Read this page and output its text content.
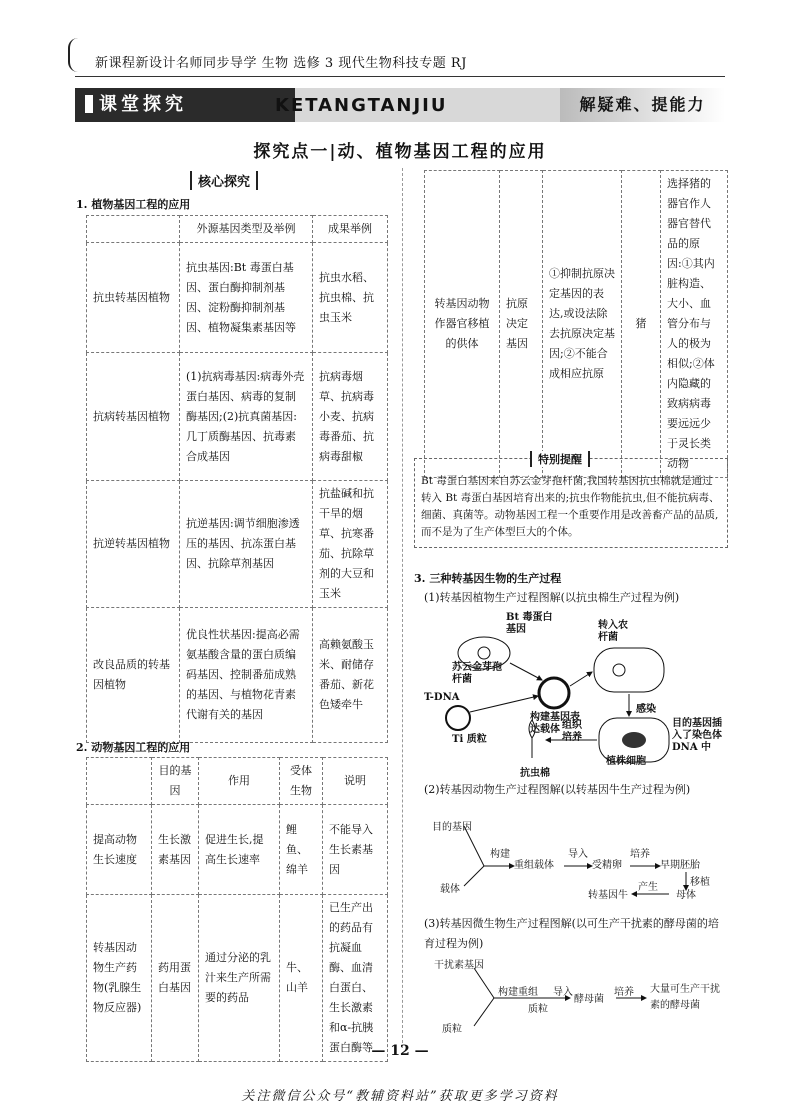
新课程新设计名师同步导学 生物 选修 3 现代生物科技专题 RJ
课堂探究	KETANGTANJIU	解疑难、提能力
探究点一|动、植物基因工程的应用
核心探究
1. 植物基因工程的应用
	外源基因类型及举例	成果举例
抗虫转基因植物	抗虫基因:Bt 毒蛋白基因、蛋白酶抑制剂基因、淀粉酶抑制剂基因、植物凝集素基因等	抗虫水稻、抗虫棉、抗虫玉米
抗病转基因植物	(1)抗病毒基因:病毒外壳蛋白基因、病毒的复制酶基因;(2)抗真菌基因:几丁质酶基因、抗毒素合成基因	抗病毒烟草、抗病毒小麦、抗病毒番茄、抗病毒甜椒
抗逆转基因植物	抗逆基因:调节细胞渗透压的基因、抗冻蛋白基因、抗除草剂基因	抗盐碱和抗干旱的烟草、抗寒番茄、抗除草剂的大豆和玉米
改良品质的转基因植物	优良性状基因:提高必需氨基酸含量的蛋白质编码基因、控制番茄成熟的基因、与植物花青素代谢有关的基因	高赖氨酸玉米、耐储存番茄、新花色矮牵牛
2. 动物基因工程的应用
	目的基因	作用	受体生物	说明
提高动物生长速度	生长激素基因	促进生长,提高生长速率	鲤鱼、绵羊	不能导入生长素基因
转基因动物生产药物(乳腺生物反应器)	药用蛋白基因	通过分泌的乳汁来生产所需要的药品	牛、山羊	已生产出的药品有抗凝血酶、血清白蛋白、生长激素和α-抗胰蛋白酶等
转基因动物作器官移植的供体	抗原决定基因	①抑制抗原决定基因的表达,或设法除去抗原决定基因;②不能合成相应抗原	猪	选择猪的器官作人器官替代品的原因:①其内脏构造、大小、血管分布与人的极为相似;②体内隐藏的致病病毒要远远少于灵长类动物
Bt 毒蛋白基因来自苏云金芽孢杆菌,我国转基因抗虫棉就是通过转入 Bt 毒蛋白基因培育出来的;抗虫作物能抗虫,但不能抗病毒、细菌、真菌等。动物基因工程一个重要作用是改善畜产品的品质,而不是为了生产体型巨大的个体。
特别提醒
3. 三种转基因生物的生产过程
(1)转基因植物生产过程图解(以抗虫棉生产过程为例)
Bt 毒蛋白基因
苏云金芽孢杆菌
T-DNA
Ti 质粒
构建基因表达载体
转入农杆菌
感染
目的基因插入了染色体 DNA 中
植株细胞
组织培养
抗虫棉
(2)转基因动物生产过程图解(以转基因牛生产过程为例)
目的基因
构建
载体
重组载体
导入
受精卵
培养
早期胚胎
移植
转基因牛
产生
母体
(3)转基因微生物生产过程图解(以可生产干扰素的酵母菌的培育过程为例)
干扰素基因
构建重组 导入
质粒
酵母菌
培养 大量可生产干扰素的酵母菌
质粒
— 12 —
关注微信公众号“教辅资料站”获取更多学习资料
